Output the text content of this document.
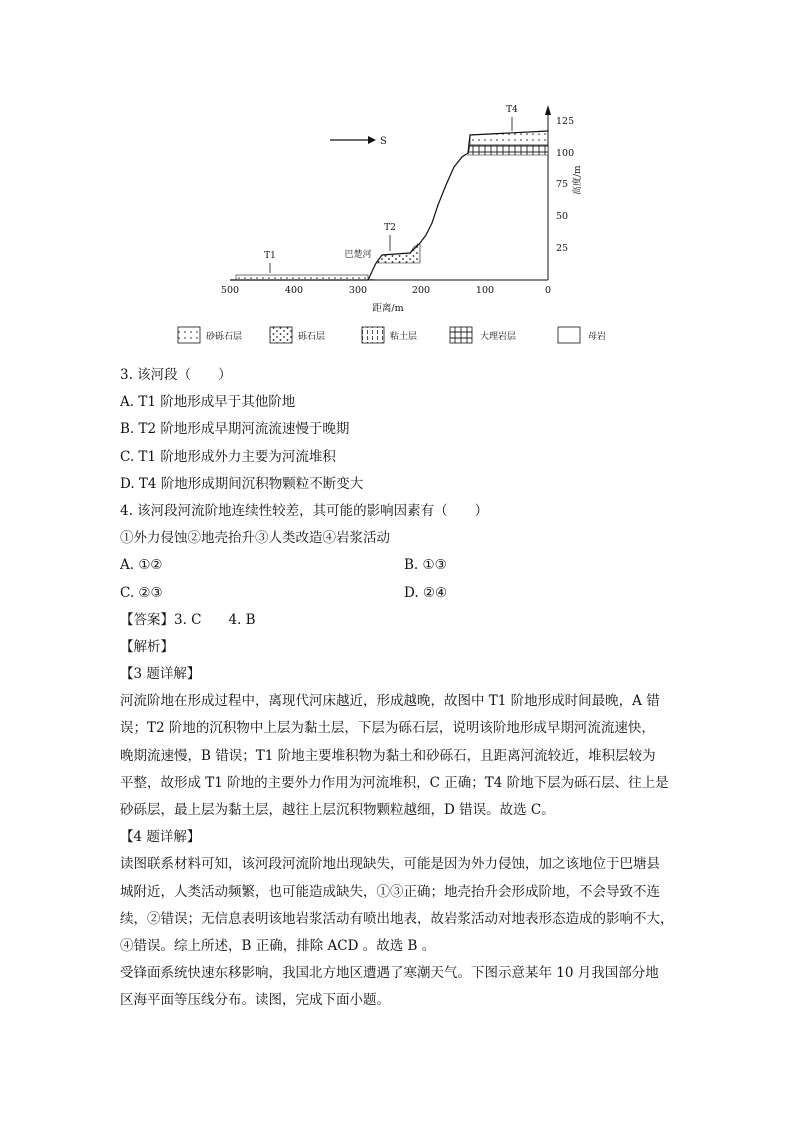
S
125
100
75
50
25
高度/m
500	400	300	200	100	0
距离/m
T1	巴楚河
T2
T4
砂砾石层	砾石层	粘土层	大理岩层	母岩
3. 该河段（　　）
A. T1 阶地形成早于其他阶地
B. T2 阶地形成早期河流流速慢于晚期
C. T1 阶地形成外力主要为河流堆积
D. T4 阶地形成期间沉积物颗粒不断变大
4. 该河段河流阶地连续性较差，其可能的影响因素有（　　）
①外力侵蚀②地壳抬升③人类改造④岩浆活动
A. ①②	B. ①③
C. ②③	D. ②④
【答案】3. C　　4. B
【解析】
【3 题详解】
河流阶地在形成过程中，离现代河床越近，形成越晚，故图中 T1 阶地形成时间最晚，A 错
误；T2 阶地的沉积物中上层为黏土层，下层为砾石层，说明该阶地形成早期河流流速快，
晚期流速慢，B 错误；T1 阶地主要堆积物为黏土和砂砾石，且距离河流较近，堆积层较为
平整，故形成 T1 阶地的主要外力作用为河流堆积，C 正确；T4 阶地下层为砾石层、往上是
砂砾层，最上层为黏土层，越往上层沉积物颗粒越细，D 错误。故选 C。
【4 题详解】
读图联系材料可知，该河段河流阶地出现缺失，可能是因为外力侵蚀，加之该地位于巴塘县
城附近，人类活动频繁，也可能造成缺失，①③正确；地壳抬升会形成阶地，不会导致不连
续，②错误；无信息表明该地岩浆活动有喷出地表，故岩浆活动对地表形态造成的影响不大，
④错误。综上所述，B 正确，排除 ACD 。故选 B 。
受锋面系统快速东移影响，我国北方地区遭遇了寒潮天气。下图示意某年 10 月我国部分地
区海平面等压线分布。读图，完成下面小题。
